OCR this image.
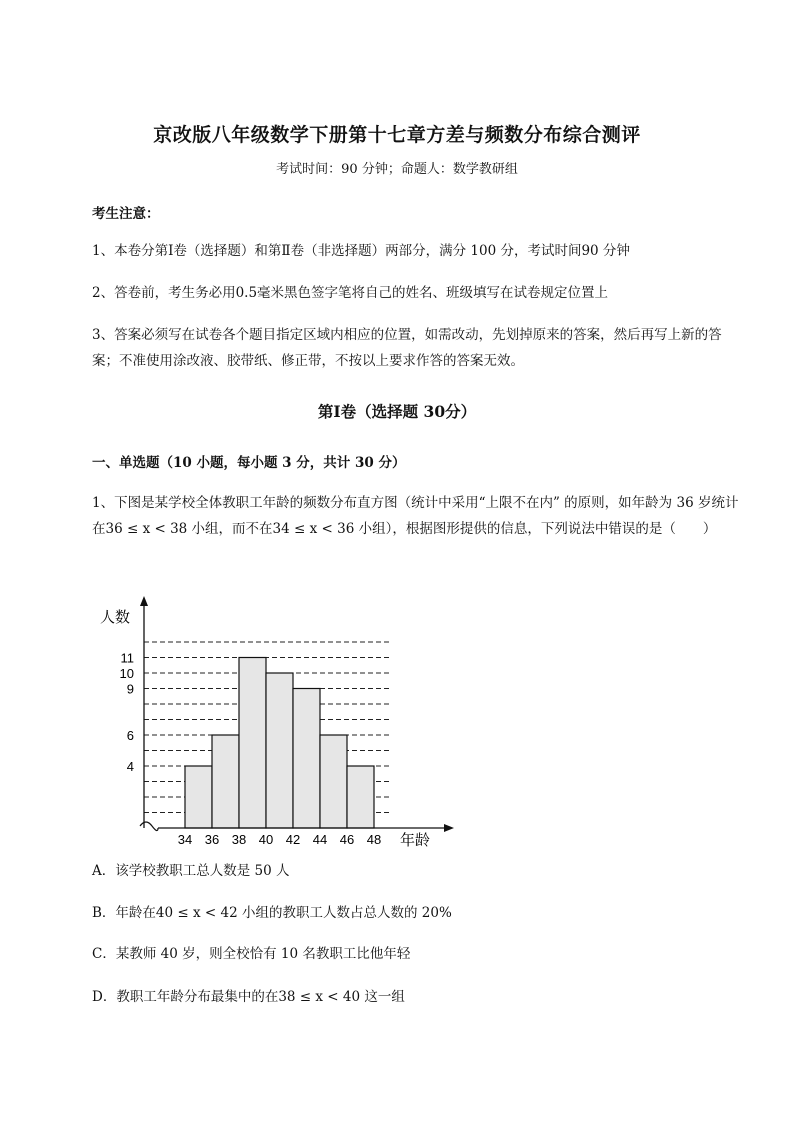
京改版八年级数学下册第十七章方差与频数分布综合测评
考试时间：90 分钟；命题人：数学教研组
考生注意：
1、本卷分第Ⅰ卷（选择题）和第Ⅱ卷（非选择题）两部分，满分 100 分，考试时间90 分钟
2、答卷前，考生务必用0.5毫米黑色签字笔将自己的姓名、班级填写在试卷规定位置上
3、答案必须写在试卷各个题目指定区域内相应的位置，如需改动，先划掉原来的答案，然后再写上新的答案；不准使用涂改液、胶带纸、修正带，不按以上要求作答的答案无效。
第Ⅰ卷（选择题 30分）
一、单选题（10 小题，每小题 3 分，共计 30 分）
1、下图是某学校全体教职工年龄的频数分布直方图（统计中采用“上限不在内” 的原则，如年龄为 36 岁统计在36 ≤ x < 38 小组，而不在34 ≤ x < 36 小组），根据图形提供的信息，下列说法中错误的是（　　）
人数
年龄
4
6
9
10
11
34 36 38 40 42 44 46 48
A．该学校教职工总人数是 50 人
B．年龄在40 ≤ x < 42 小组的教职工人数占总人数的 20%
C．某教师 40 岁，则全校恰有 10 名教职工比他年轻
D．教职工年龄分布最集中的在38 ≤ x < 40 这一组
